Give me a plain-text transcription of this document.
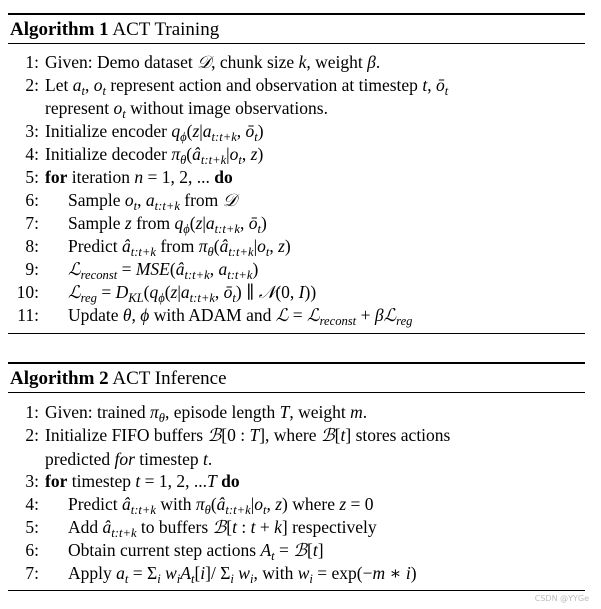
Algorithm 1 ACT Training
1: Given: Demo dataset 𝒟, chunk size k, weight β.
2: Let $a_t$, $o_t$ represent action and observation at timestep t, $ō_t$
represent $o_t$ without image observations.
3: Initialize encoder $q_\phi(z|a_{t:t+k}$, $ō_t$)
4: Initialize decoder $\pi_\theta(â_{t:t+k}|o_t$, z)
5: for iteration n = 1, 2, ... do
6: Sample $o_t$, $a_{t:t+k}$ from 𝒟
7: Sample z from $q_\phi(z|a_{t:t+k}$, $ō_t$)
8: Predict $â_{t:t+k}$ from $\pi_\theta(â_{t:t+k}|o_t$, z)
9: ℒ$_{reconst}$ = $MSE(â_{t:t+k}$, $a_{t:t+k}$)
10: ℒ$_{reg}$ = $D_{KL}(q_\phi(z|a_{t:t+k}$, $ō_t$) ∥ 𝒩(0, I))
11: Update θ, ϕ with ADAM and ℒ = ℒ$_{reconst}$ + βℒ$_{reg}$
Algorithm 2 ACT Inference
1: Given: trained $\pi_\theta$, episode length T, weight m.
2: Initialize FIFO buffers ℬ[0 : T], where ℬ[t] stores actions
predicted for timestep t.
3: for timestep t = 1, 2, ...T do
4: Predict $â_{t:t+k}$ with $\pi_\theta(â_{t:t+k}|o_t$, z) where z = 0
5: Add $â_{t:t+k}$ to buffers ℬ[t : t + k] respectively
6: Obtain current step actions $A_t$ = ℬ[t]
7: Apply $a_t = \Sigma_i$ $w_iA_t[i]/$ $\Sigma_i$ $w_i$, with $w_i = \exp(-m$ ∗ i)
CSDN @YYGe
